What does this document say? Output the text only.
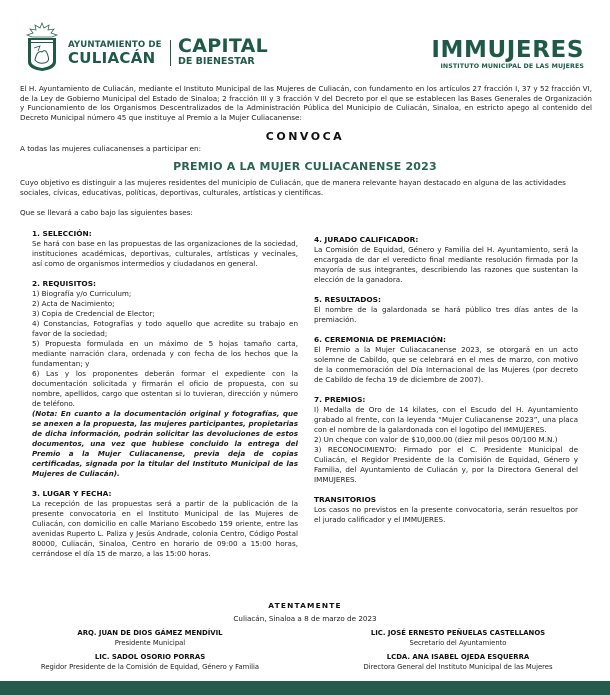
AYUNTAMIENTO DE
CULIACÁN
CAPITAL
DE BIENESTAR	IMMUJERES
INSTITUTO MUNICIPAL DE LAS MUJERES
El H. Ayuntamiento de Culiacán, mediante el Instituto Municipal de las Mujeres de Culiacán, con fundamento en los artículos 27 fracción I, 37 y 52 fracción VI, de la Ley de Gobierno Municipal del Estado de Sinaloa; 2 fracción III y 3 fracción V del Decreto por el que se establecen las Bases Generales de Organización y Funcionamiento de los Organismos Descentralizados de la Administración Pública del Municipio de Culiacán, Sinaloa, en estricto apego al contenido del Decreto Municipal número 45 que instituye al Premio a la Mujer Culiacanense:
CONVOCA
A todas las mujeres culiacanenses a participar en:
PREMIO A LA MUJER CULIACANENSE 2023
Cuyo objetivo es distinguir a las mujeres residentes del municipio de Culiacán, que de manera relevante hayan destacado en alguna de las actividades sociales, cívicas, educativas, políticas, deportivas, culturales, artísticas y científicas.
Que se llevará a cabo bajo las siguientes bases:
1. SELECCIÓN:
Se hará con base en las propuestas de las organizaciones de la sociedad, instituciones académicas, deportivas, culturales, artísticas y vecinales, así como de organismos intermedios y ciudadanos en general.
2. REQUISITOS:
1) Biografía y/o Curriculum;
2) Acta de Nacimiento;
3) Copia de Credencial de Elector;
4) Constancias, Fotografías y todo aquello que acredite su trabajo en favor de la sociedad;
5) Propuesta formulada en un máximo de 5 hojas tamaño carta, mediante narración clara, ordenada y con fecha de los hechos que la fundamentan; y
6) Las y los proponentes deberán formar el expediente con la documentación solicitada y firmarán el oficio de propuesta, con su nombre, apellidos, cargo que ostentan si lo tuvieran, dirección y número de teléfono.
(Nota: En cuanto a la documentación original y fotografías, que se anexen a la propuesta, las mujeres participantes, propietarias de dicha información, podrán solicitar las devoluciones de estos documentos, una vez que hubiese concluido la entrega del Premio a la Mujer Culiacanense, previa deja de copias certificadas, signada por la titular del Instituto Municipal de las Mujeres de Culiacán).
3. LUGAR Y FECHA:
La recepción de las propuestas será a partir de la publicación de la presente convocatoria en el Instituto Municipal de las Mujeres de Culiacán, con domicilio en calle Mariano Escobedo 159 oriente, entre las avenidas Ruperto L. Paliza y Jesús Andrade, colonia Centro, Código Postal 80000, Culiacán, Sinaloa, Centro en horario de 09:00 a 15:00 horas, cerrándose el día 15 de marzo, a las 15:00 horas.
4. JURADO CALIFICADOR:
La Comisión de Equidad, Género y Familia del H. Ayuntamiento, será la encargada de dar el veredicto final mediante resolución firmada por la mayoría de sus integrantes, describiendo las razones que sustentan la elección de la ganadora.
5. RESULTADOS:
El nombre de la galardonada se hará público tres días antes de la premiación.
6. CEREMONIA DE PREMIACIÓN:
El Premio a la Mujer Culiacacanense 2023, se otorgará en un acto solemne de Cabildo, que se celebrará en el mes de marzo, con motivo de la conmemoración del Día Internacional de las Mujeres (por decreto de Cabildo de fecha 19 de diciembre de 2007).
7. PREMIOS:
I) Medalla de Oro de 14 kilates, con el Escudo del H. Ayuntamiento grabado al frente, con la leyenda “Mujer Culiacanense 2023”, una placa con el nombre de la galardonada con el logotipo del IMMUJERES.
2) Un cheque con valor de $10,000.00 (diez mil pesos 00/100 M.N.)
3) RECONOCIMIENTO: Firmado por el C. Presidente Municipal de Culiacán, el Regidor Presidente de la Comisión de Equidad, Género y Familia, del Ayuntamiento de Culiacán y, por la Directora General del IMMUJERES.
TRANSITORIOS
Los casos no previstos en la presente convocatoria, serán resueltos por el jurado calificador y el IMMUJERES.
ATENTAMENTE
Culiacán, Sinaloa a 8 de marzo de 2023
ARQ. JUAN DE DIOS GÁMEZ MENDÍVIL
Presidente Municipal
LIC. JOSÉ ERNESTO PEÑUELAS CASTELLANOS
Secretario del Ayuntamiento
LIC. SADOL OSORIO PORRAS
Regidor Presidente de la Comisión de Equidad, Género y Familia
LCDA. ANA ISABEL OJEDA ESQUERRA
Directora General del Instituto Municipal de las Mujeres
